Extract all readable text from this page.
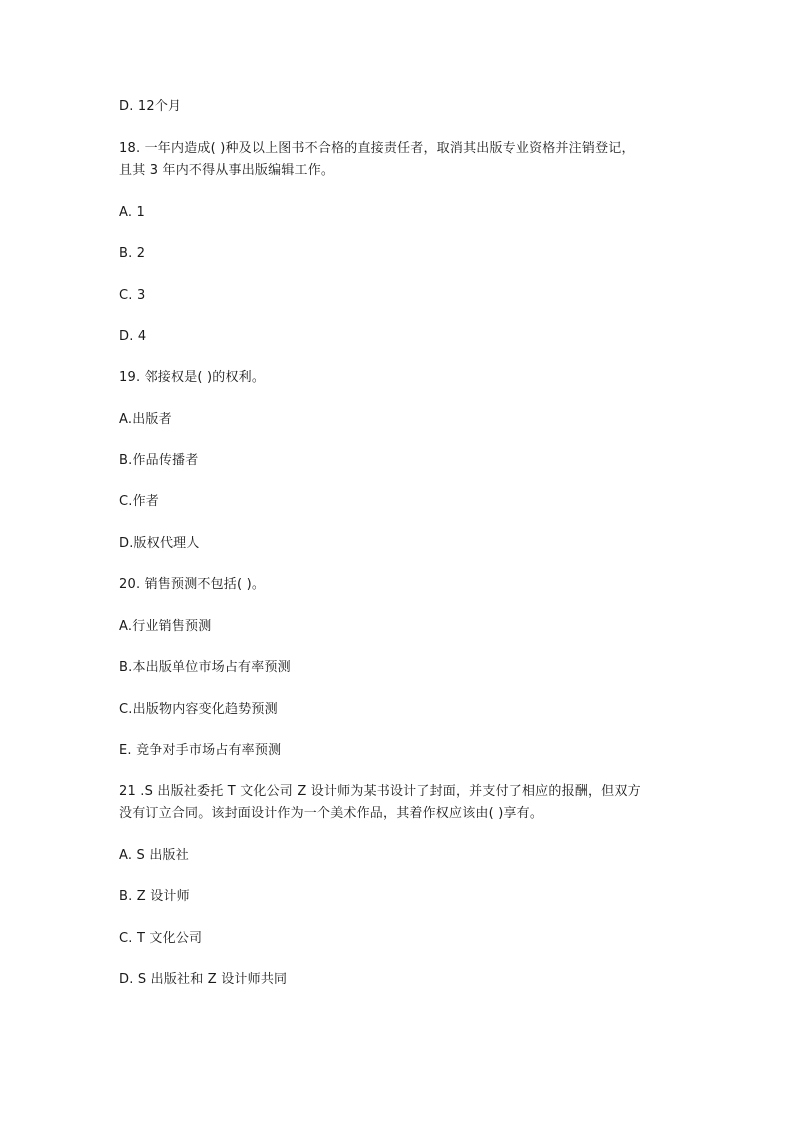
D. 12个月
18. 一年内造成( )种及以上图书不合格的直接责任者，取消其出版专业资格并注销登记，
且其 3 年内不得从事出版编辑工作。
A. 1
B. 2
C. 3
D. 4
19. 邻接权是( )的权利。
A.出版者
B.作品传播者
C.作者
D.版权代理人
20. 销售预测不包括( )。
A.行业销售预测
B.本出版单位市场占有率预测
C.出版物内容变化趋势预测
E. 竞争对手市场占有率预测
21 .S 出版社委托 T 文化公司 Z 设计师为某书设计了封面，并支付了相应的报酬，但双方
没有订立合同。该封面设计作为一个美术作品，其着作权应该由( )享有。
A. S 出版社
B. Z 设计师
C. T 文化公司
D. S 出版社和 Z 设计师共同
